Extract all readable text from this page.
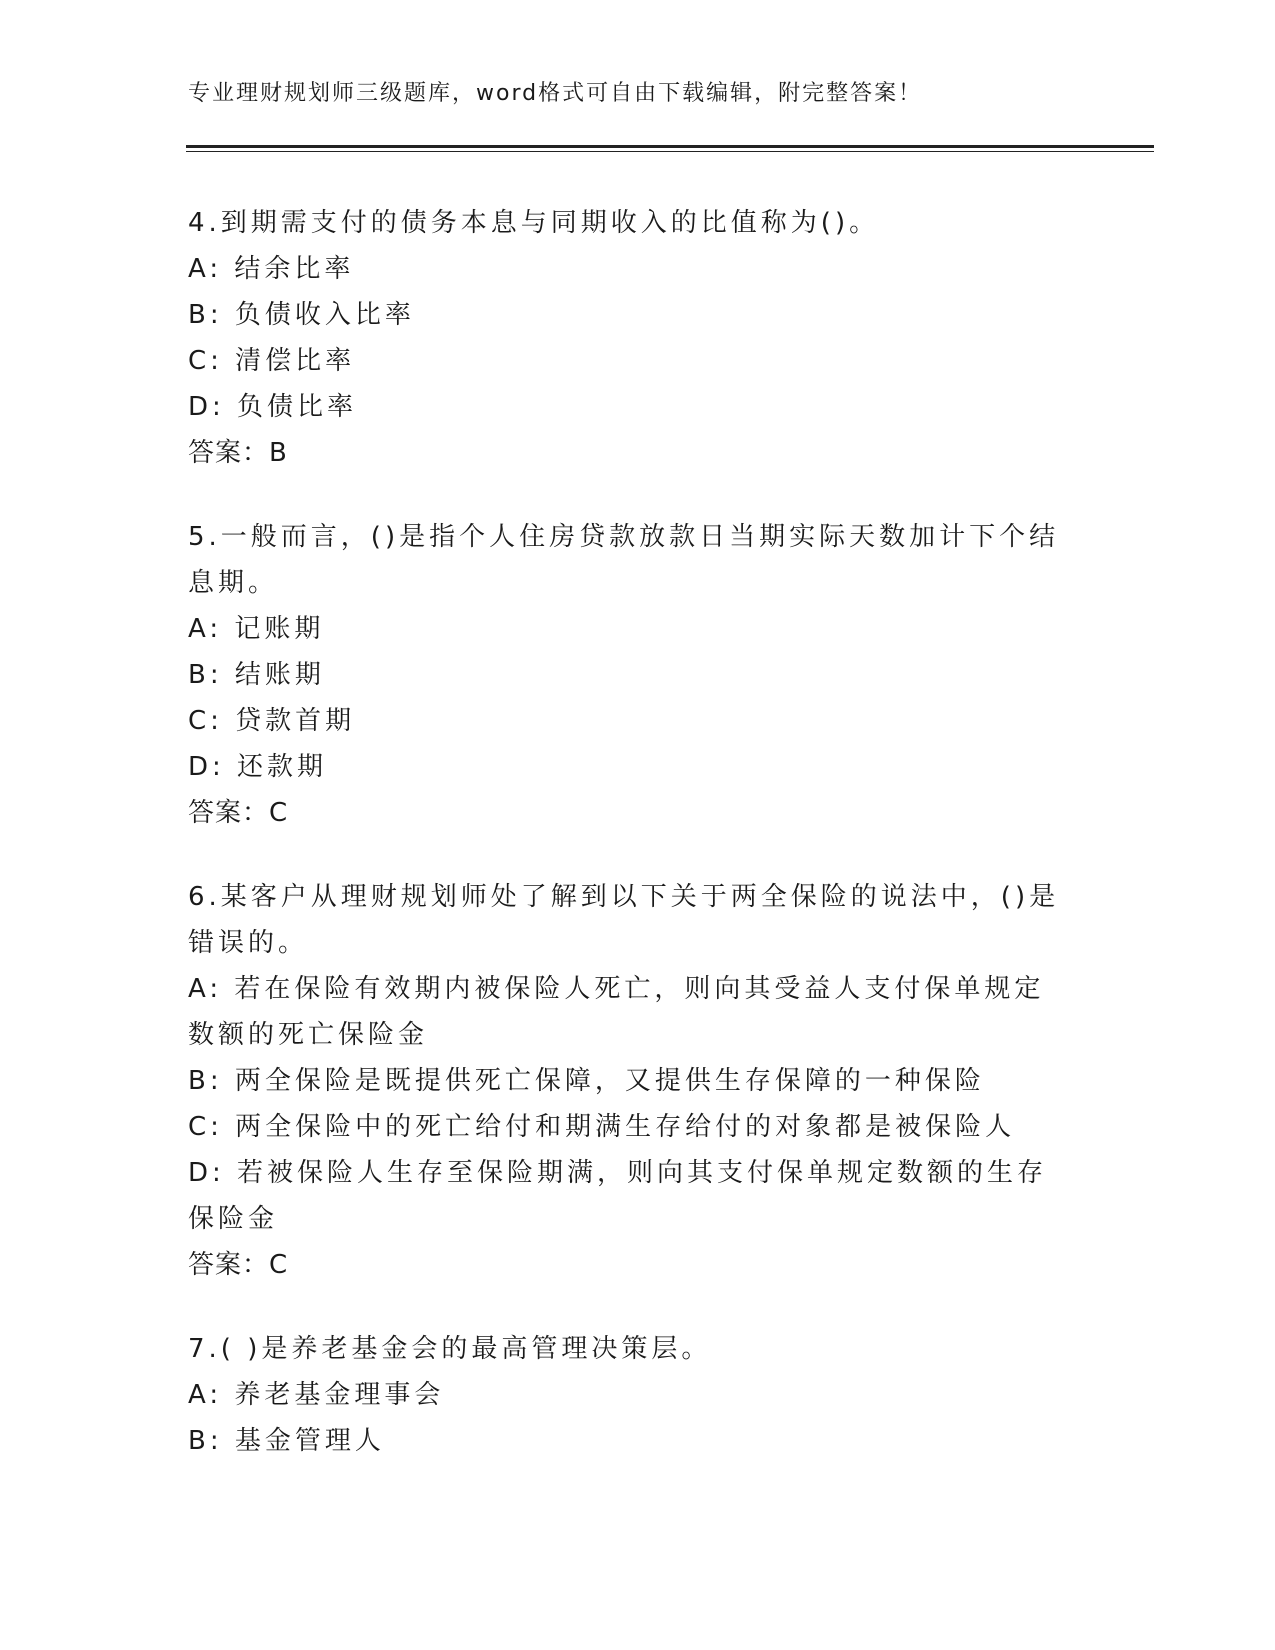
专业理财规划师三级题库，word格式可自由下载编辑，附完整答案！
4.到期需支付的债务本息与同期收入的比值称为()。
A: 结余比率
B: 负债收入比率
C: 清偿比率
D: 负债比率
答案：B
5.一般而言，()是指个人住房贷款放款日当期实际天数加计下个结息期。
A: 记账期
B: 结账期
C: 贷款首期
D: 还款期
答案：C
6.某客户从理财规划师处了解到以下关于两全保险的说法中，()是错误的。
A: 若在保险有效期内被保险人死亡，则向其受益人支付保单规定数额的死亡保险金
B: 两全保险是既提供死亡保障，又提供生存保障的一种保险
C: 两全保险中的死亡给付和期满生存给付的对象都是被保险人
D: 若被保险人生存至保险期满，则向其支付保单规定数额的生存保险金
答案：C
7.( )是养老基金会的最高管理决策层。
A: 养老基金理事会
B: 基金管理人
